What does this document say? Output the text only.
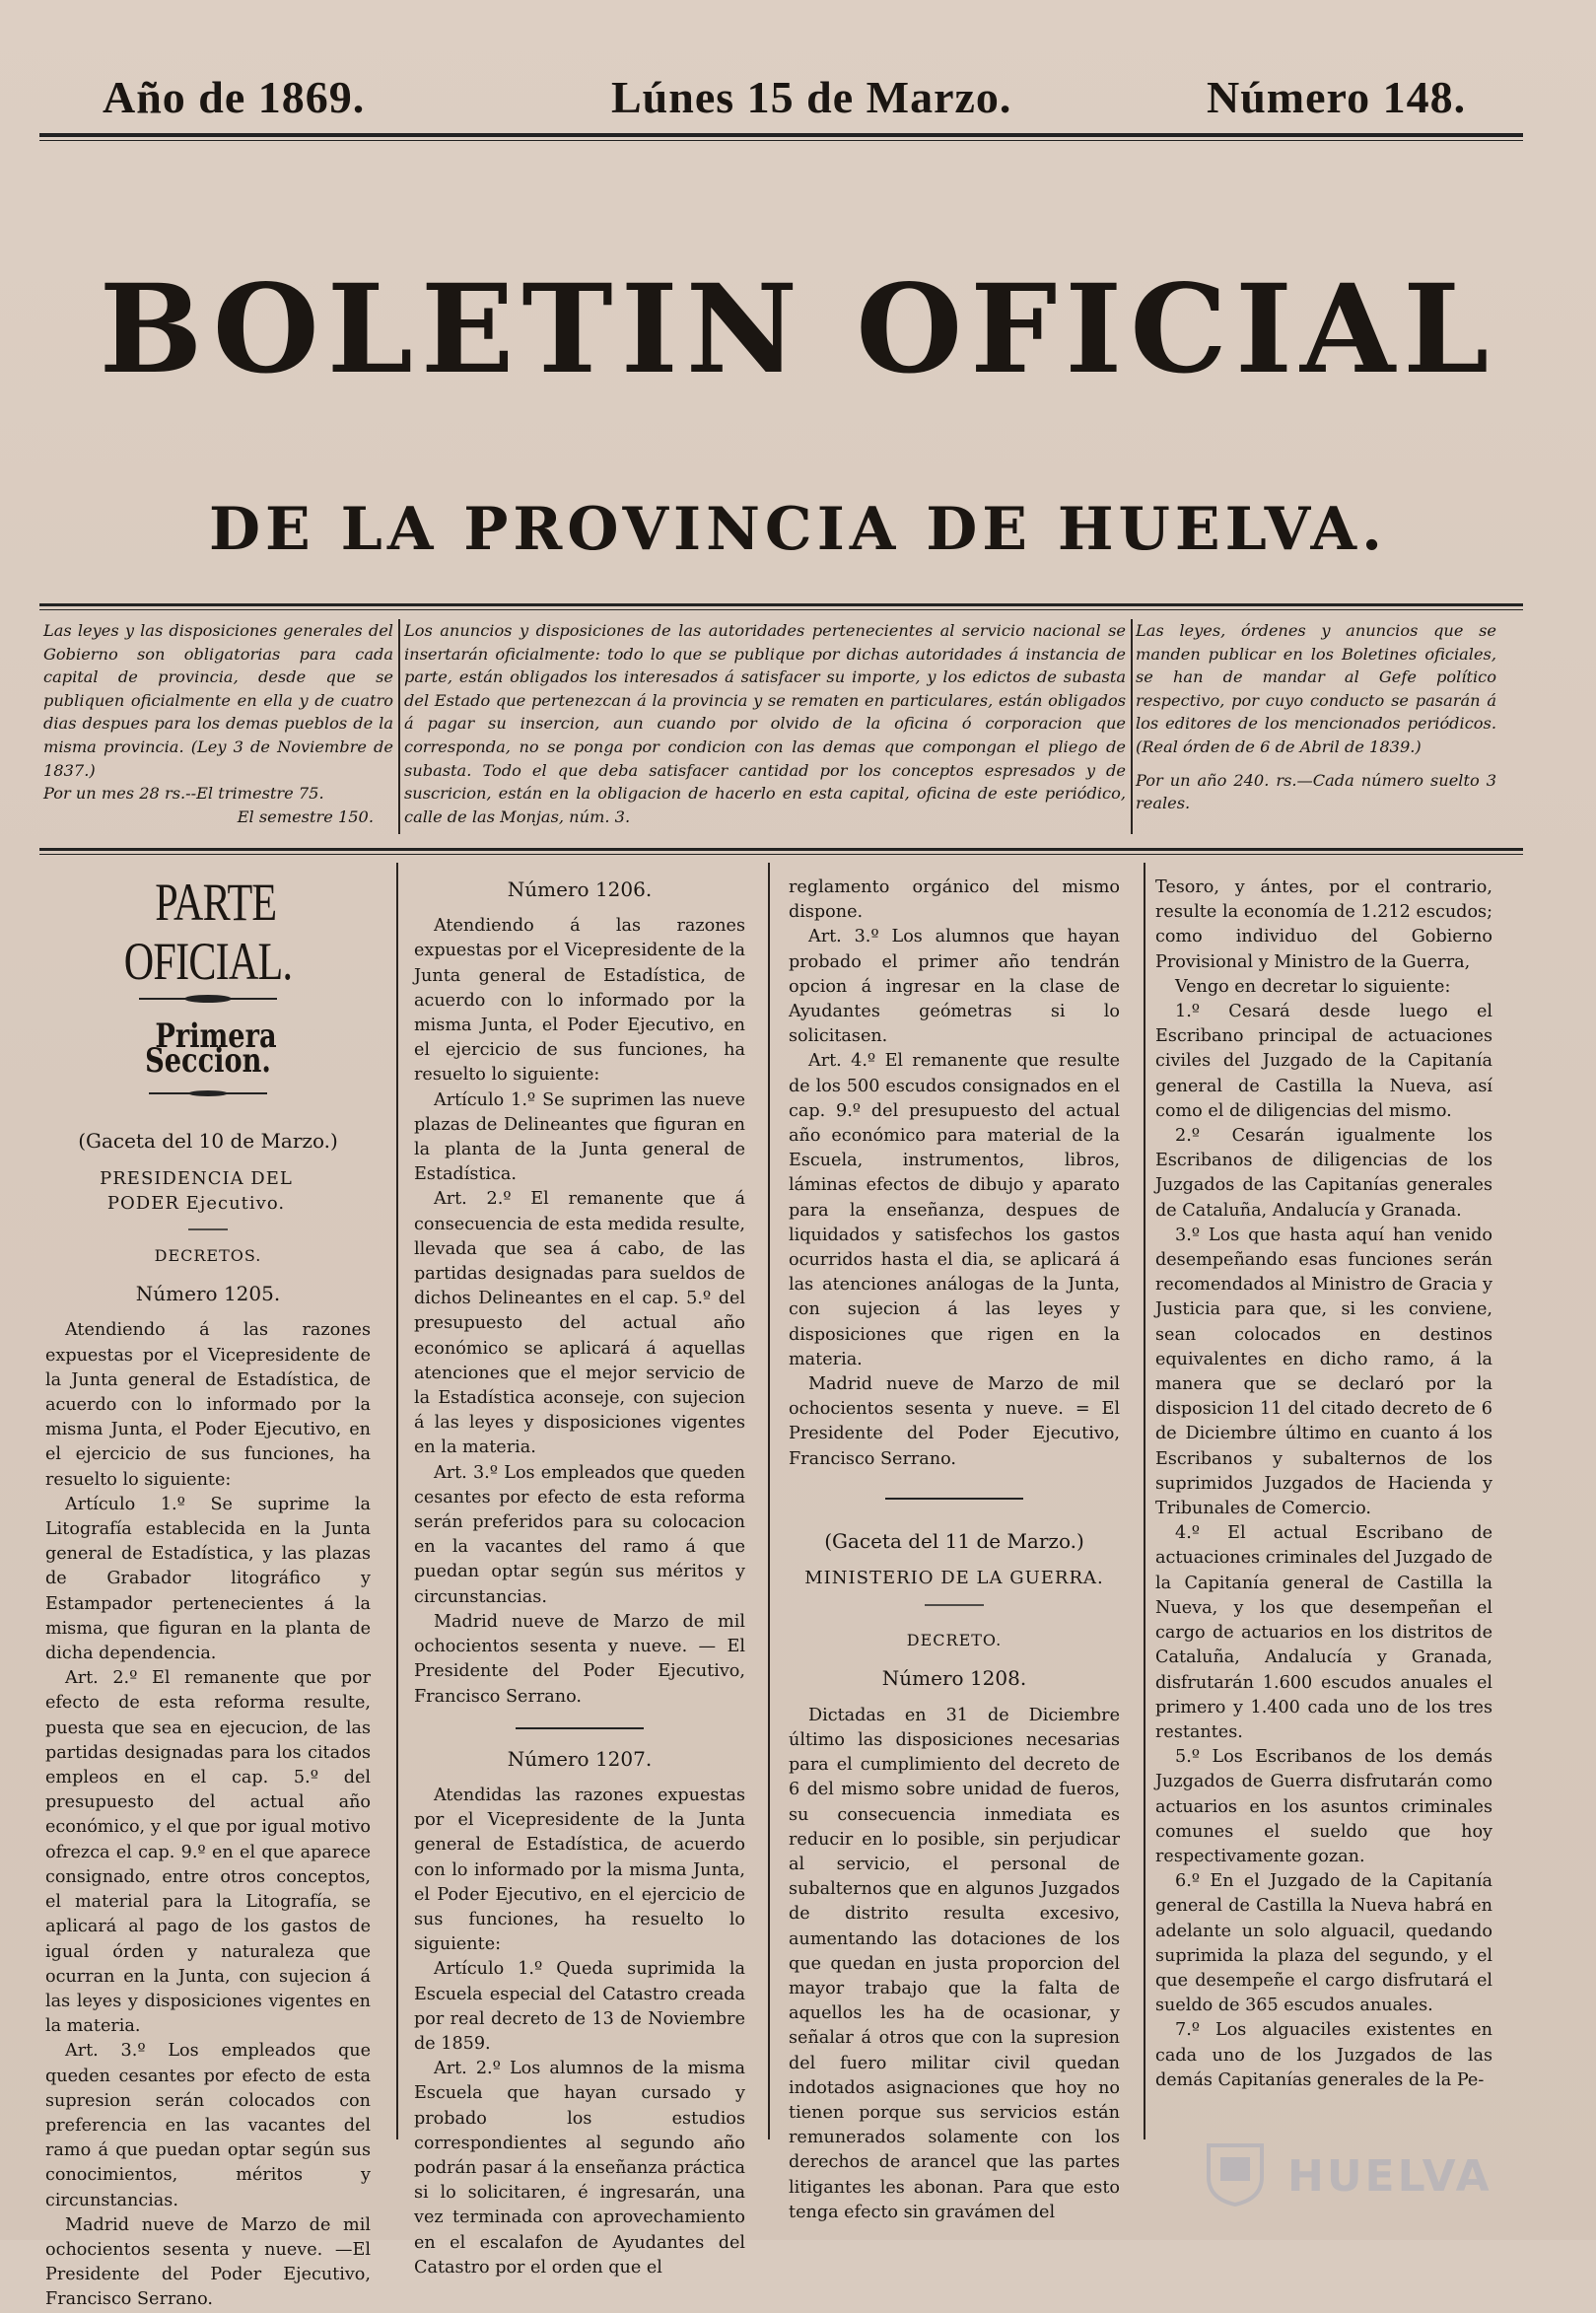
Año de 1869.	Lúnes 15 de Marzo.	Número 148.
BOLETIN OFICIAL
DE LA PROVINCIA DE HUELVA.

Las leyes y las disposiciones generales del Gobierno son obligatorias para cada capital de provincia, desde que se publiquen oficialmente en ella y de cuatro dias despues para los demas pueblos de la misma provincia. (Ley 3 de Noviembre de 1837.)

Por un mes 28 rs.--El trimestre 75.

El semestre 150.

Los anuncios y disposiciones de las autoridades pertenecientes al servicio nacional se insertarán oficialmente: todo lo que se publique por dichas autoridades á instancia de parte, están obligados los interesados á satisfacer su importe, y los edictos de subasta del Estado que pertenezcan á la provincia y se rematen en particulares, están obligados á pagar su insercion, aun cuando por olvido de la oficina ó corporacion que corresponda, no se ponga por condicion con las demas que compongan el pliego de subasta. Todo el que deba satisfacer cantidad por los conceptos espresados y de suscricion, están en la obligacion de hacerlo en esta capital, oficina de este periódico, calle de las Monjas, núm. 3.

Las leyes, órdenes y anuncios que se manden publicar en los Boletines oficiales, se han de mandar al Gefe político respectivo, por cuyo conducto se pasarán á los editores de los mencionados periódicos. (Real órden de 6 de Abril de 1839.)

Por un año 240. rs.—Cada número suelto 3 reales.

PARTE OFICIAL.

Primera Seccion.

(Gaceta del 10 de Marzo.)

PRESIDENCIA DEL PODER Ejecutivo.

DECRETOS.

Número 1205.

Atendiendo á las razones expuestas por el Vicepresidente de la Junta general de Estadística, de acuerdo con lo informado por la misma Junta, el Poder Ejecutivo, en el ejercicio de sus funciones, ha resuelto lo siguiente:

Artículo 1.º Se suprime la Litografía establecida en la Junta general de Estadística, y las plazas de Grabador litográfico y Estampador pertenecientes á la misma, que figuran en la planta de dicha dependencia.

Art. 2.º El remanente que por efecto de esta reforma resulte, puesta que sea en ejecucion, de las partidas designadas para los citados empleos en el cap. 5.º del presupuesto del actual año económico, y el que por igual motivo ofrezca el cap. 9.º en el que aparece consignado, entre otros conceptos, el material para la Litografía, se aplicará al pago de los gastos de igual órden y naturaleza que ocurran en la Junta, con sujecion á las leyes y disposiciones vigentes en la materia.

Art. 3.º Los empleados que queden cesantes por efecto de esta supresion serán colocados con preferencia en las vacantes del ramo á que puedan optar según sus conocimientos, méritos y circunstancias.

Madrid nueve de Marzo de mil ochocientos sesenta y nueve. —El Presidente del Poder Ejecutivo, Francisco Serrano.

Número 1206.

Atendiendo á las razones expuestas por el Vicepresidente de la Junta general de Estadística, de acuerdo con lo informado por la misma Junta, el Poder Ejecutivo, en el ejercicio de sus funciones, ha resuelto lo siguiente:

Artículo 1.º Se suprimen las nueve plazas de Delineantes que figuran en la planta de la Junta general de Estadística.

Art. 2.º El remanente que á consecuencia de esta medida resulte, llevada que sea á cabo, de las partidas designadas para sueldos de dichos Delineantes en el cap. 5.º del presupuesto del actual año económico se aplicará á aquellas atenciones que el mejor servicio de la Estadística aconseje, con sujecion á las leyes y disposiciones vigentes en la materia.

Art. 3.º Los empleados que queden cesantes por efecto de esta reforma serán preferidos para su colocacion en la vacantes del ramo á que puedan optar según sus méritos y circunstancias.

Madrid nueve de Marzo de mil ochocientos sesenta y nueve. — El Presidente del Poder Ejecutivo, Francisco Serrano.

Número 1207.

Atendidas las razones expuestas por el Vicepresidente de la Junta general de Estadística, de acuerdo con lo informado por la misma Junta, el Poder Ejecutivo, en el ejercicio de sus funciones, ha resuelto lo siguiente:

Artículo 1.º Queda suprimida la Escuela especial del Catastro creada por real decreto de 13 de Noviembre de 1859.

Art. 2.º Los alumnos de la misma Escuela que hayan cursado y probado los estudios correspondientes al segundo año podrán pasar á la enseñanza práctica si lo solicitaren, é ingresarán, una vez terminada con aprovechamiento en el escalafon de Ayudantes del Catastro por el orden que el

reglamento orgánico del mismo dispone.

Art. 3.º Los alumnos que hayan probado el primer año tendrán opcion á ingresar en la clase de Ayudantes geómetras si lo solicitasen.

Art. 4.º El remanente que resulte de los 500 escudos consignados en el cap. 9.º del presupuesto del actual año económico para material de la Escuela, instrumentos, libros, láminas efectos de dibujo y aparato para la enseñanza, despues de liquidados y satisfechos los gastos ocurridos hasta el dia, se aplicará á las atenciones análogas de la Junta, con sujecion á las leyes y disposiciones que rigen en la materia.

Madrid nueve de Marzo de mil ochocientos sesenta y nueve. = El Presidente del Poder Ejecutivo, Francisco Serrano.

(Gaceta del 11 de Marzo.)

MINISTERIO DE LA GUERRA.

DECRETO.

Número 1208.

Dictadas en 31 de Diciembre último las disposiciones necesarias para el cumplimiento del decreto de 6 del mismo sobre unidad de fueros, su consecuencia inmediata es reducir en lo posible, sin perjudicar al servicio, el personal de subalternos que en algunos Juzgados de distrito resulta excesivo, aumentando las dotaciones de los que quedan en justa proporcion del mayor trabajo que la falta de aquellos les ha de ocasionar, y señalar á otros que con la supresion del fuero militar civil quedan indotados asignaciones que hoy no tienen porque sus servicios están remunerados solamente con los derechos de arancel que las partes litigantes les abonan. Para que esto tenga efecto sin gravámen del

Tesoro, y ántes, por el contrario, resulte la economía de 1.212 escudos; como individuo del Gobierno Provisional y Ministro de la Guerra,

Vengo en decretar lo siguiente:

1.º Cesará desde luego el Escribano principal de actuaciones civiles del Juzgado de la Capitanía general de Castilla la Nueva, así como el de diligencias del mismo.

2.º Cesarán igualmente los Escribanos de diligencias de los Juzgados de las Capitanías generales de Cataluña, Andalucía y Granada.

3.º Los que hasta aquí han venido desempeñando esas funciones serán recomendados al Ministro de Gracia y Justicia para que, si les conviene, sean colocados en destinos equivalentes en dicho ramo, á la manera que se declaró por la disposicion 11 del citado decreto de 6 de Diciembre último en cuanto á los Escribanos y subalternos de los suprimidos Juzgados de Hacienda y Tribunales de Comercio.

4.º El actual Escribano de actuaciones criminales del Juzgado de la Capitanía general de Castilla la Nueva, y los que desempeñan el cargo de actuarios en los distritos de Cataluña, Andalucía y Granada, disfrutarán 1.600 escudos anuales el primero y 1.400 cada uno de los tres restantes.

5.º Los Escribanos de los demás Juzgados de Guerra disfrutarán como actuarios en los asuntos criminales comunes el sueldo que hoy respectivamente gozan.

6.º En el Juzgado de la Capitanía general de Castilla la Nueva habrá en adelante un solo alguacil, quedando suprimida la plaza del segundo, y el que desempeñe el cargo disfrutará el sueldo de 365 escudos anuales.

7.º Los alguaciles existentes en cada uno de los Juzgados de las demás Capitanías generales de la Pe-

HUELVA
